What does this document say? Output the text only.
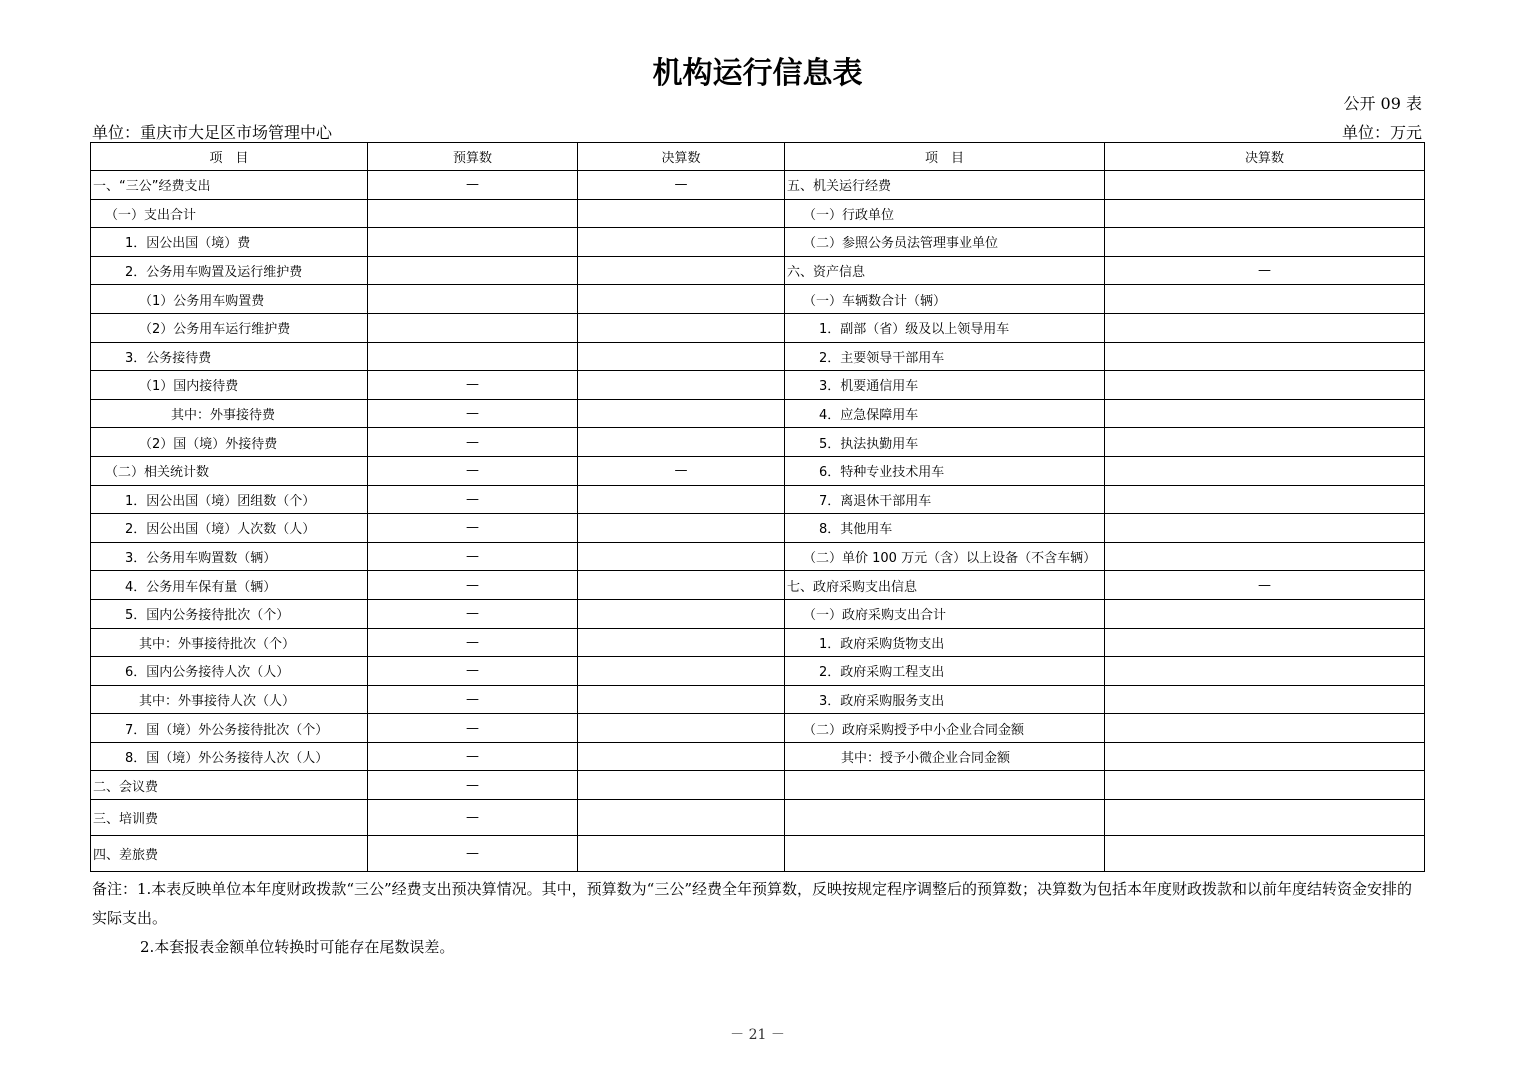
机构运行信息表
公开 09 表
单位：重庆市大足区市场管理中心	单位：万元
项　目	预算数	决算数	项　目	决算数
一、“三公”经费支出	—	—	五、机关运行经费	
（一）支出合计			（一）行政单位	
1．因公出国（境）费			（二）参照公务员法管理事业单位	
2．公务用车购置及运行维护费			六、资产信息	—
（1）公务用车购置费			（一）车辆数合计（辆）	
（2）公务用车运行维护费			1．副部（省）级及以上领导用车	
3．公务接待费			2．主要领导干部用车	
（1）国内接待费	—		3．机要通信用车	
其中：外事接待费	—		4．应急保障用车	
（2）国（境）外接待费	—		5．执法执勤用车	
（二）相关统计数	—	—	6．特种专业技术用车	
1．因公出国（境）团组数（个）	—		7．离退休干部用车	
2．因公出国（境）人次数（人）	—		8．其他用车	
3．公务用车购置数（辆）	—		（二）单价 100 万元（含）以上设备（不含车辆）	
4．公务用车保有量（辆）	—		七、政府采购支出信息	—
5．国内公务接待批次（个）	—		（一）政府采购支出合计	
其中：外事接待批次（个）	—		1．政府采购货物支出	
6．国内公务接待人次（人）	—		2．政府采购工程支出	
其中：外事接待人次（人）	—		3．政府采购服务支出	
7．国（境）外公务接待批次（个）	—		（二）政府采购授予中小企业合同金额	
8．国（境）外公务接待人次（人）	—		其中：授予小微企业合同金额	
二、会议费	—			
三、培训费	—			
四、差旅费	—			
备注：1.本表反映单位本年度财政拨款“三公”经费支出预决算情况。其中，预算数为“三公”经费全年预算数，反映按规定程序调整后的预算数；决算数为包括本年度财政拨款和以前年度结转资金安排的实际支出。
2.本套报表金额单位转换时可能存在尾数误差。
－ 21 －
